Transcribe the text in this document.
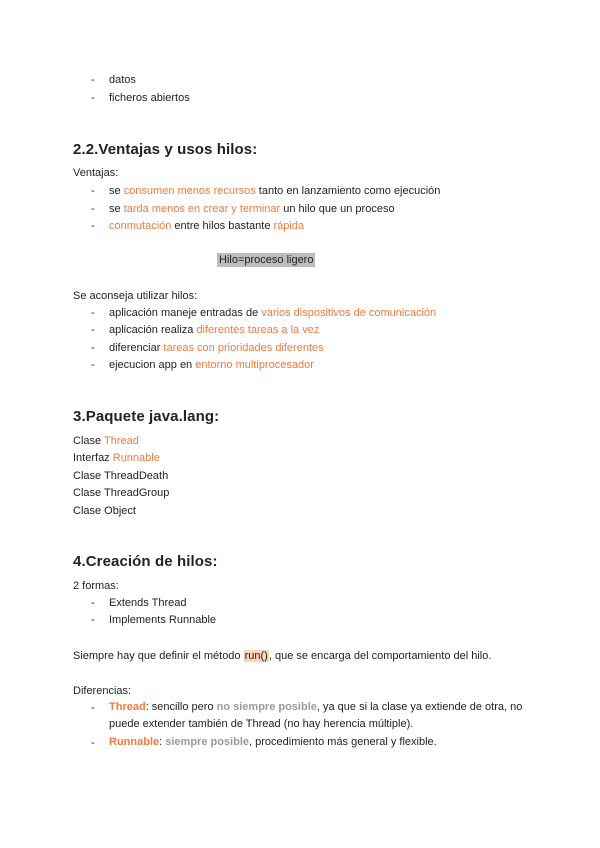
- datos
- ficheros abiertos
2.2.Ventajas y usos hilos:
Ventajas:
- se consumen menos recursos tanto en lanzamiento como ejecución
- se tarda menos en crear y terminar un hilo que un proceso
- conmutación entre hilos bastante rápida
Hilo=proceso ligero
Se aconseja utilizar hilos:
- aplicación maneje entradas de varios dispositivos de comunicación
- aplicación realiza diferentes tareas a la vez
- diferenciar tareas con prioridades diferentes
- ejecucion app en entorno multiprocesador
3.Paquete java.lang:
Clase Thread
Interfaz Runnable
Clase ThreadDeath
Clase ThreadGroup
Clase Object
4.Creación de hilos:
2 formas:
- Extends Thread
- Implements Runnable
Siempre hay que definir el método run(), que se encarga del comportamiento del hilo.
Diferencias:
- Thread: sencillo pero no siempre posible, ya que si la clase ya extiende de otra, no puede extender también de Thread (no hay herencia múltiple).
- Runnable: siempre posible, procedimiento más general y flexible.
